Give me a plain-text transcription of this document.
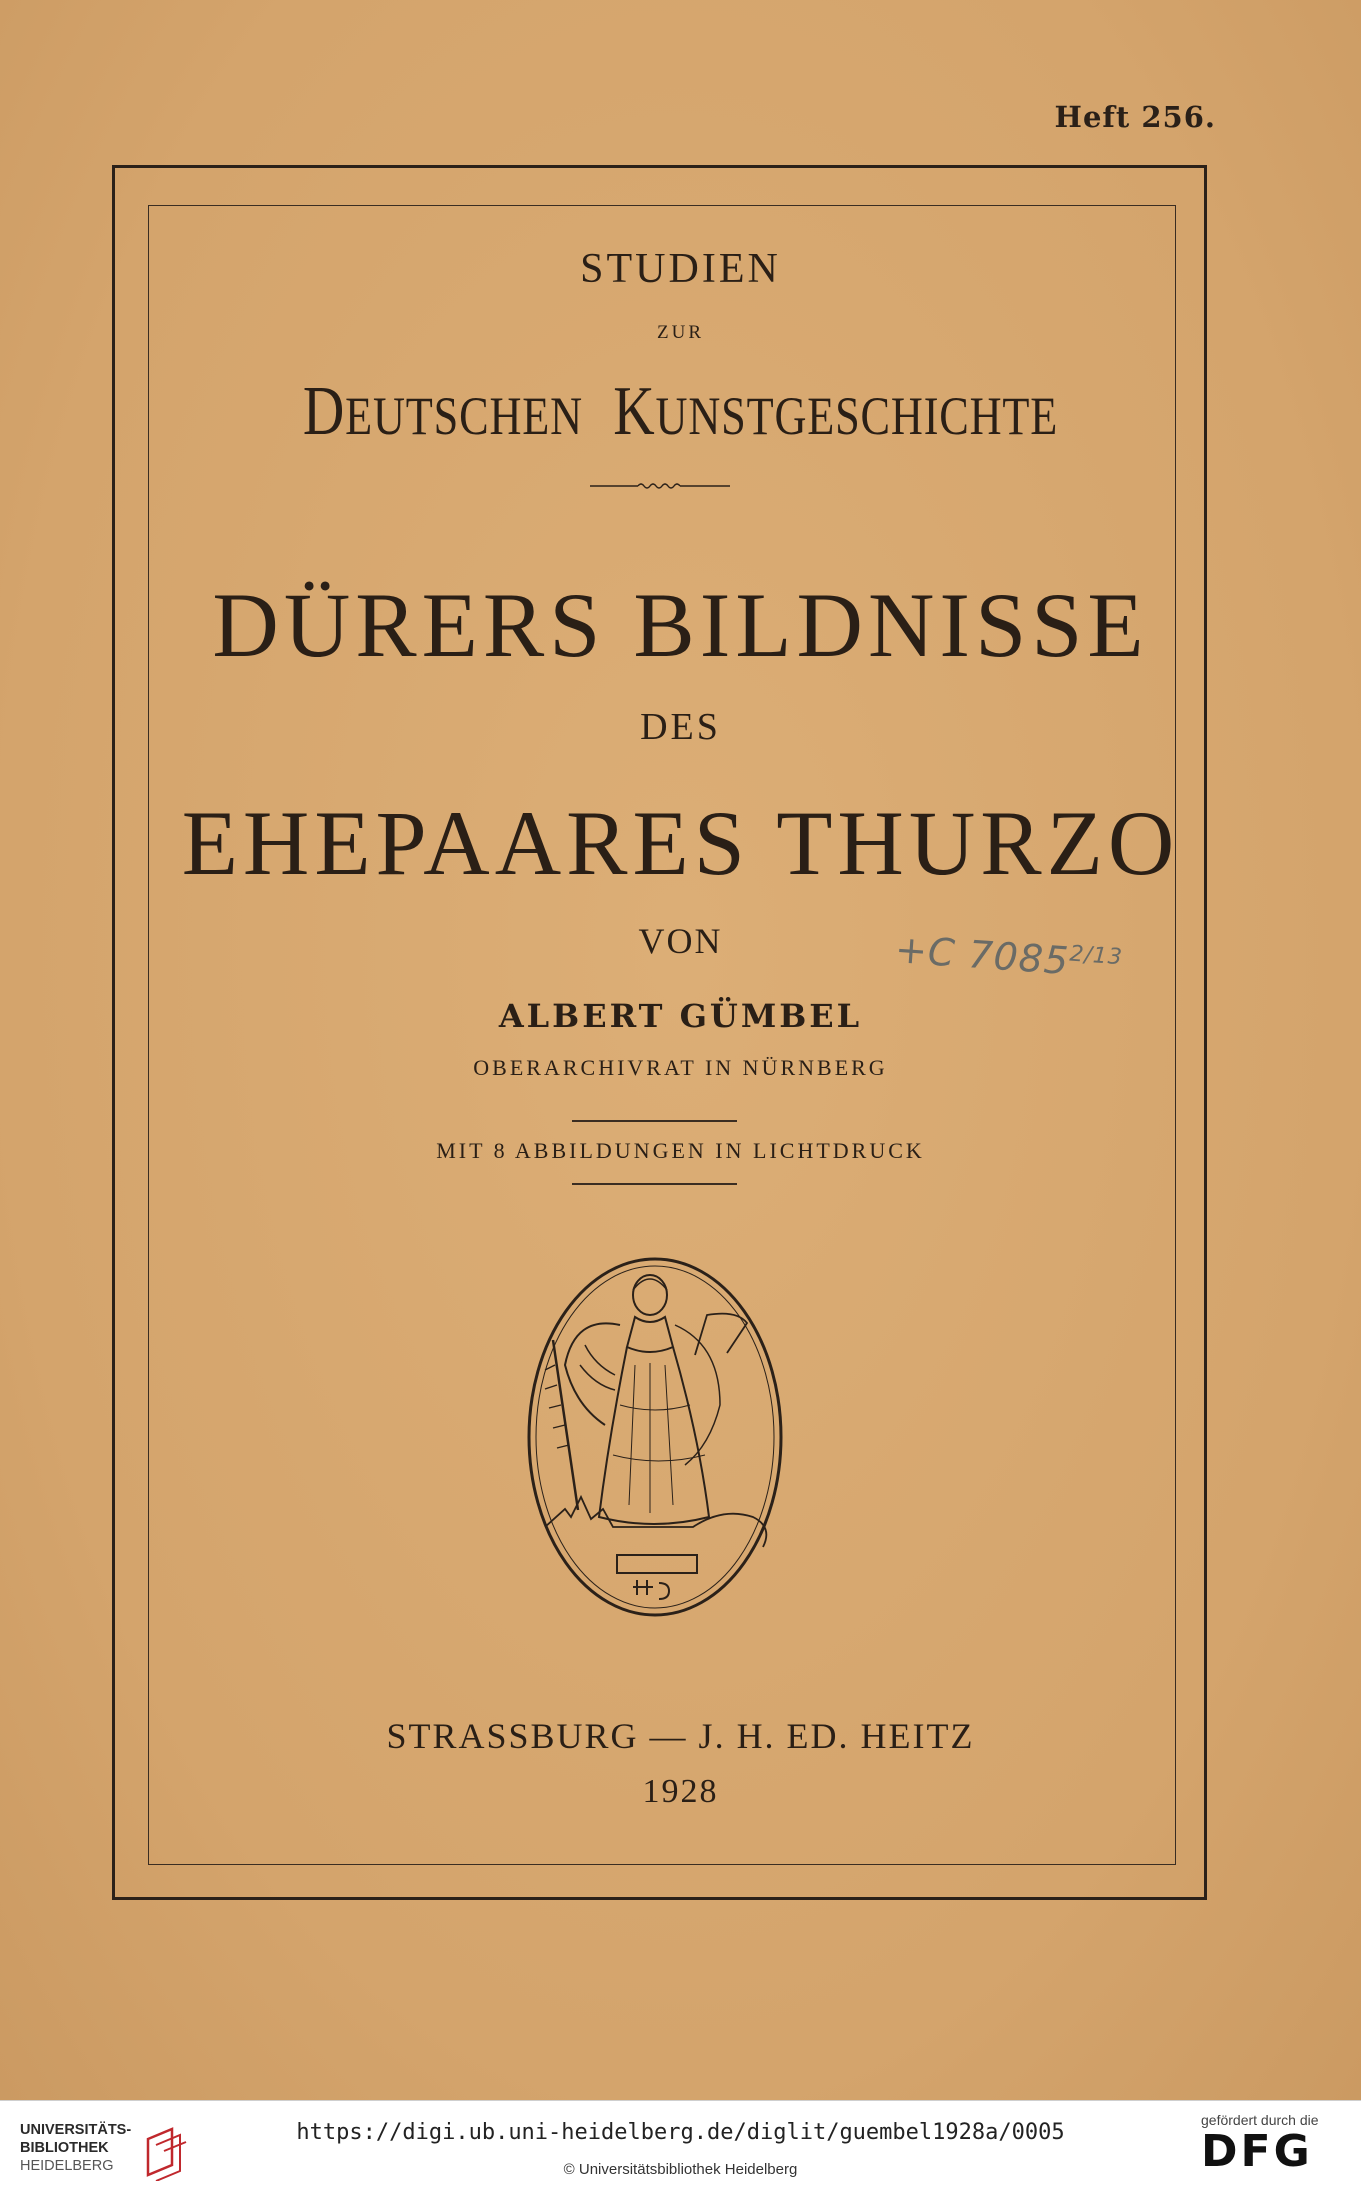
Heft 256.
STUDIEN
ZUR
DEUTSCHEN KUNSTGESCHICHTE
DÜRERS BILDNISSE
DES
EHEPAARES THURZO
VON
ALBERT GÜMBEL
OBERARCHIVRAT IN NÜRNBERG
MIT 8 ABBILDUNGEN IN LICHTDRUCK
+C $7085^{2/13}$
STRASSBURG — J. H. ED. HEITZ
1928
UNIVERSITÄTS-
BIBLIOTHEK
HEIDELBERG
https://digi.ub.uni-heidelberg.de/diglit/guembel1928a/0005
© Universitätsbibliothek Heidelberg
gefördert durch die
DFG
